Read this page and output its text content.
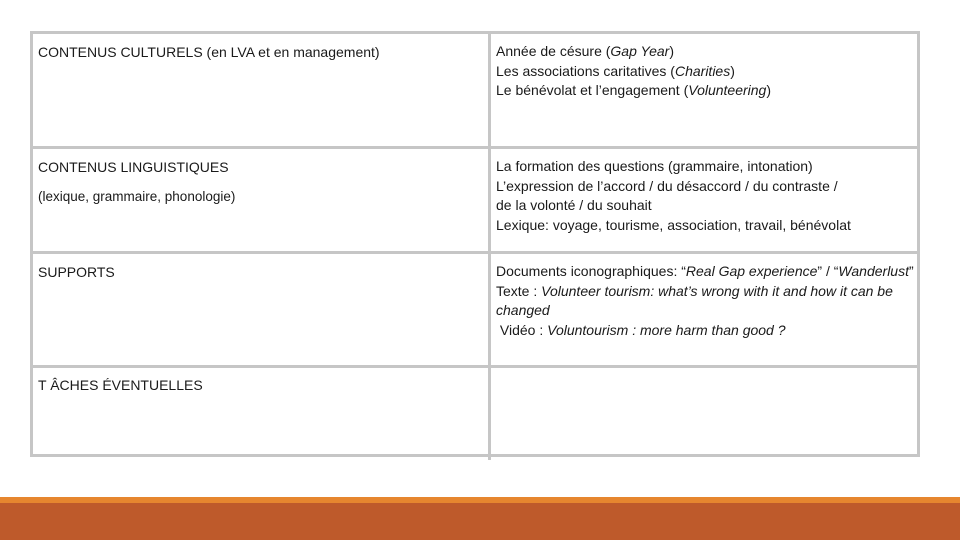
CONTENUS CULTURELS (en LVA et en management)	Année de césure (Gap Year)
Les associations caritatives (Charities)
Le bénévolat et l’engagement (Volunteering)
CONTENUS LINGUISTIQUES
(lexique, grammaire, phonologie)
La formation des questions (grammaire, intonation)
L’expression de l’accord / du désaccord / du contraste /
de la volonté / du souhait
Lexique: voyage, tourisme, association, travail, bénévolat
SUPPORTS	Documents iconographiques: “Real Gap experience” / “Wanderlust”
Texte : Volunteer tourism: what’s wrong with it and how it can be changed
Vidéo : Voluntourism : more harm than good ?
T ÂCHES ÉVENTUELLES
